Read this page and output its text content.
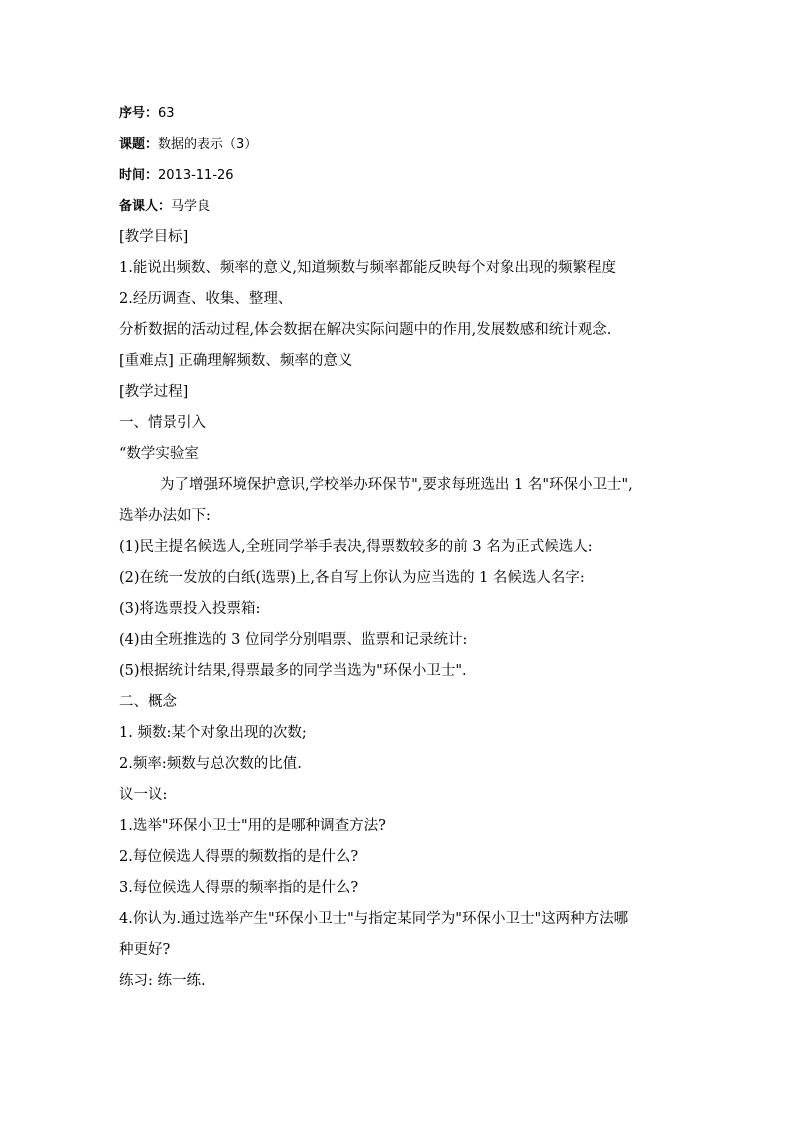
序号：63
课题：数据的表示（3）
时间：2013-11-26
备课人：马学良
[教学目标]
1.能说出频数、频率的意义,知道频数与频率都能反映每个对象出现的频繁程度
2.经历调查、收集、整理、
分析数据的活动过程,体会数据在解决实际问题中的作用,发展数感和统计观念.
[重难点] 正确理解频数、频率的意义
[教学过程]
一、情景引入
“数学实验室
为了增强环境保护意识,学校举办环保节",要求每班选出 1 名"环保小卫士",
选举办法如下:
(1)民主提名候选人,全班同学举手表决,得票数较多的前 3 名为正式候选人:
(2)在统一发放的白纸(选票)上,各自写上你认为应当选的 1 名候选人名字:
(3)将选票投入投票箱:
(4)由全班推选的 3 位同学分别唱票、监票和记录统计:
(5)根据统计结果,得票最多的同学当选为"环保小卫士".
二、概念
1. 频数:某个对象出现的次数;
2.频率:频数与总次数的比值.
议一议:
1.选举"环保小卫士"用的是哪种调查方法?
2.每位候选人得票的频数指的是什么?
3.每位候选人得票的频率指的是什么?
4.你认为.通过选举产生"环保小卫士"与指定某同学为"环保小卫士"这两种方法哪
种更好?
练习: 练一练.
